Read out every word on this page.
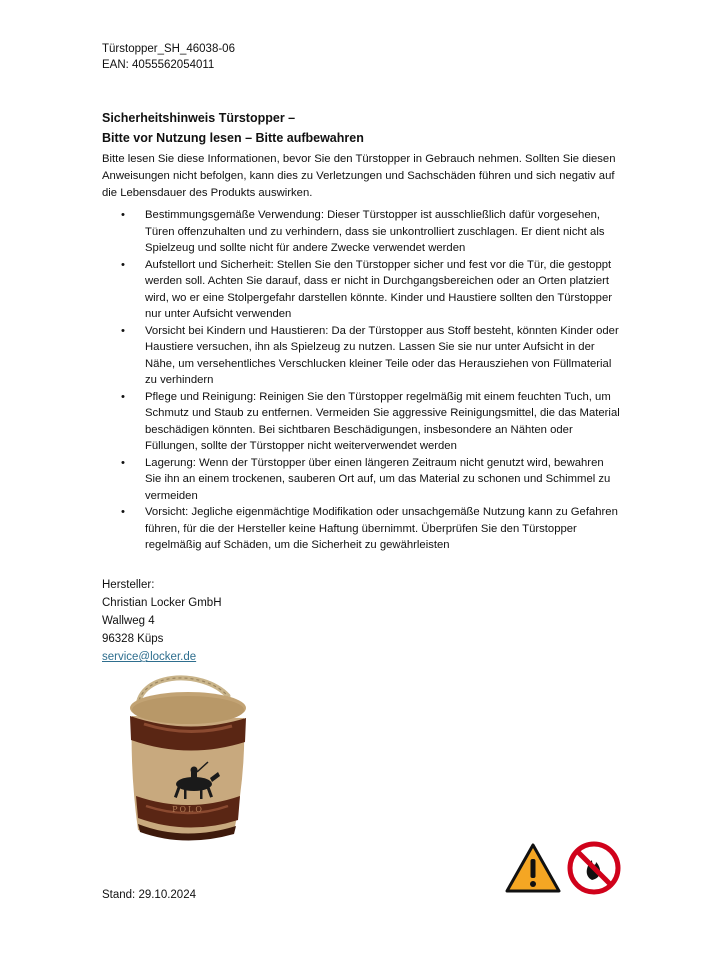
Türstopper_SH_46038-06
EAN: 4055562054011
Sicherheitshinweis Türstopper –
Bitte vor Nutzung lesen – Bitte aufbewahren
Bitte lesen Sie diese Informationen, bevor Sie den Türstopper in Gebrauch nehmen. Sollten Sie diesen Anweisungen nicht befolgen, kann dies zu Verletzungen und Sachschäden führen und sich negativ auf die Lebensdauer des Produkts auswirken.
• Bestimmungsgemäße Verwendung: Dieser Türstopper ist ausschließlich dafür vorgesehen, Türen offenzuhalten und zu verhindern, dass sie unkontrolliert zuschlagen. Er dient nicht als Spielzeug und sollte nicht für andere Zwecke verwendet werden
• Aufstellort und Sicherheit: Stellen Sie den Türstopper sicher und fest vor die Tür, die gestoppt werden soll. Achten Sie darauf, dass er nicht in Durchgangsbereichen oder an Orten platziert wird, wo er eine Stolpergefahr darstellen könnte. Kinder und Haustiere sollten den Türstopper nur unter Aufsicht verwenden
• Vorsicht bei Kindern und Haustieren: Da der Türstopper aus Stoff besteht, könnten Kinder oder Haustiere versuchen, ihn als Spielzeug zu nutzen. Lassen Sie sie nur unter Aufsicht in der Nähe, um versehentliches Verschlucken kleiner Teile oder das Herausziehen von Füllmaterial zu verhindern
• Pflege und Reinigung: Reinigen Sie den Türstopper regelmäßig mit einem feuchten Tuch, um Schmutz und Staub zu entfernen. Vermeiden Sie aggressive Reinigungsmittel, die das Material beschädigen könnten. Bei sichtbaren Beschädigungen, insbesondere an Nähten oder Füllungen, sollte der Türstopper nicht weiterverwendet werden
• Lagerung: Wenn der Türstopper über einen längeren Zeitraum nicht genutzt wird, bewahren Sie ihn an einem trockenen, sauberen Ort auf, um das Material zu schonen und Schimmel zu vermeiden
• Vorsicht: Jegliche eigenmächtige Modifikation oder unsachgemäße Nutzung kann zu Gefahren führen, für die der Hersteller keine Haftung übernimmt. Überprüfen Sie den Türstopper regelmäßig auf Schäden, um die Sicherheit zu gewährleisten
Hersteller:
Christian Locker GmbH
Wallweg 4
96328 Küps
service@locker.de
POLO
Stand: 29.10.2024
